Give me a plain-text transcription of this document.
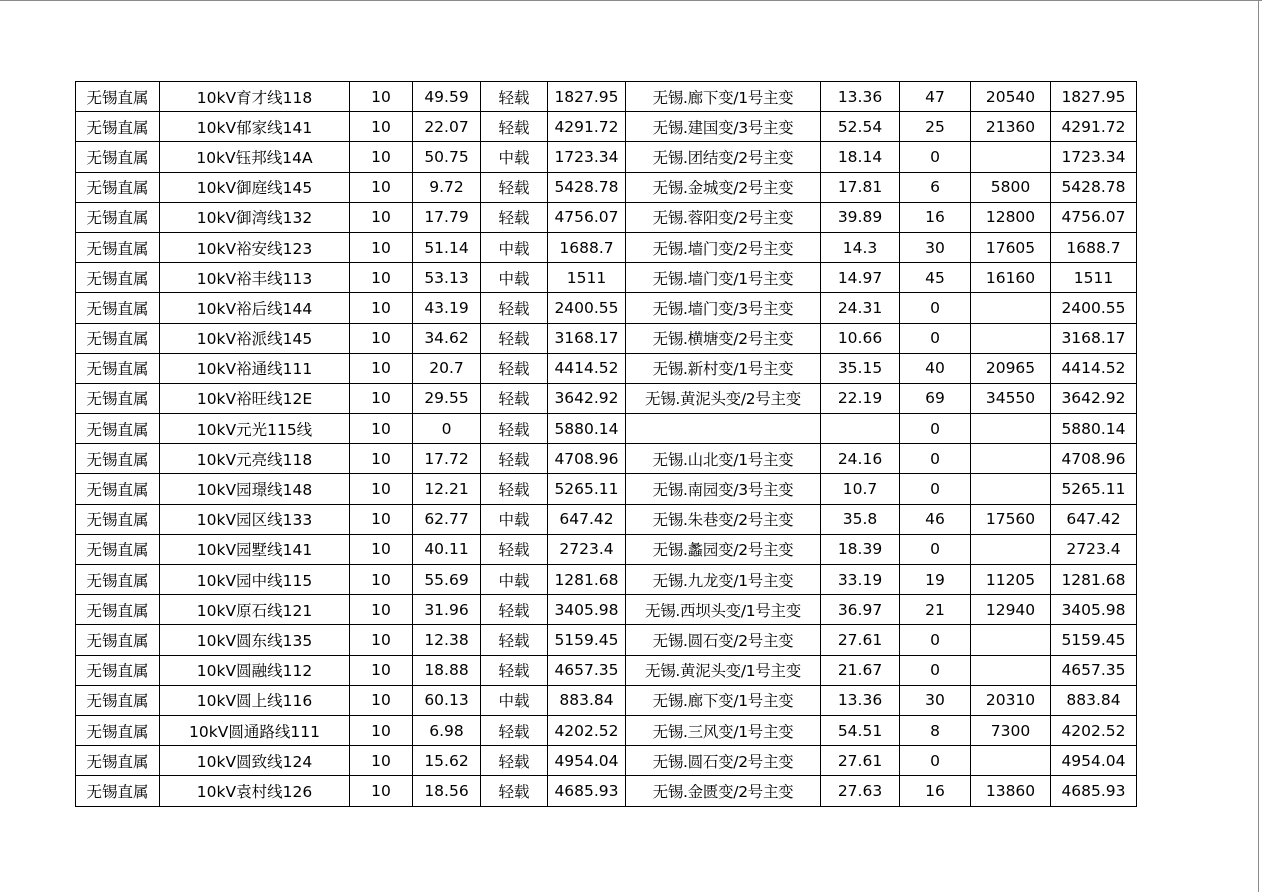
无锡直属	10kV育才线118	10	49.59	轻载	1827.95	无锡.廊下变/1号主变	13.36	47	20540	1827.95
无锡直属	10kV郁家线141	10	22.07	轻载	4291.72	无锡.建国变/3号主变	52.54	25	21360	4291.72
无锡直属	10kV钰邦线14A	10	50.75	中载	1723.34	无锡.团结变/2号主变	18.14	0		1723.34
无锡直属	10kV御庭线145	10	9.72	轻载	5428.78	无锡.金城变/2号主变	17.81	6	5800	5428.78
无锡直属	10kV御湾线132	10	17.79	轻载	4756.07	无锡.蓉阳变/2号主变	39.89	16	12800	4756.07
无锡直属	10kV裕安线123	10	51.14	中载	1688.7	无锡.墙门变/2号主变	14.3	30	17605	1688.7
无锡直属	10kV裕丰线113	10	53.13	中载	1511	无锡.墙门变/1号主变	14.97	45	16160	1511
无锡直属	10kV裕后线144	10	43.19	轻载	2400.55	无锡.墙门变/3号主变	24.31	0		2400.55
无锡直属	10kV裕派线145	10	34.62	轻载	3168.17	无锡.横塘变/2号主变	10.66	0		3168.17
无锡直属	10kV裕通线111	10	20.7	轻载	4414.52	无锡.新村变/1号主变	35.15	40	20965	4414.52
无锡直属	10kV裕旺线12E	10	29.55	轻载	3642.92	无锡.黄泥头变/2号主变	22.19	69	34550	3642.92
无锡直属	10kV元光115线	10	0	轻载	5880.14			0		5880.14
无锡直属	10kV元亮线118	10	17.72	轻载	4708.96	无锡.山北变/1号主变	24.16	0		4708.96
无锡直属	10kV园璟线148	10	12.21	轻载	5265.11	无锡.南园变/3号主变	10.7	0		5265.11
无锡直属	10kV园区线133	10	62.77	中载	647.42	无锡.朱巷变/2号主变	35.8	46	17560	647.42
无锡直属	10kV园墅线141	10	40.11	轻载	2723.4	无锡.蠡园变/2号主变	18.39	0		2723.4
无锡直属	10kV园中线115	10	55.69	中载	1281.68	无锡.九龙变/1号主变	33.19	19	11205	1281.68
无锡直属	10kV原石线121	10	31.96	轻载	3405.98	无锡.西坝头变/1号主变	36.97	21	12940	3405.98
无锡直属	10kV圆东线135	10	12.38	轻载	5159.45	无锡.圆石变/2号主变	27.61	0		5159.45
无锡直属	10kV圆融线112	10	18.88	轻载	4657.35	无锡.黄泥头变/1号主变	21.67	0		4657.35
无锡直属	10kV圆上线116	10	60.13	中载	883.84	无锡.廊下变/1号主变	13.36	30	20310	883.84
无锡直属	10kV圆通路线111	10	6.98	轻载	4202.52	无锡.三风变/1号主变	54.51	8	7300	4202.52
无锡直属	10kV圆致线124	10	15.62	轻载	4954.04	无锡.圆石变/2号主变	27.61	0		4954.04
无锡直属	10kV袁村线126	10	18.56	轻载	4685.93	无锡.金匮变/2号主变	27.63	16	13860	4685.93
